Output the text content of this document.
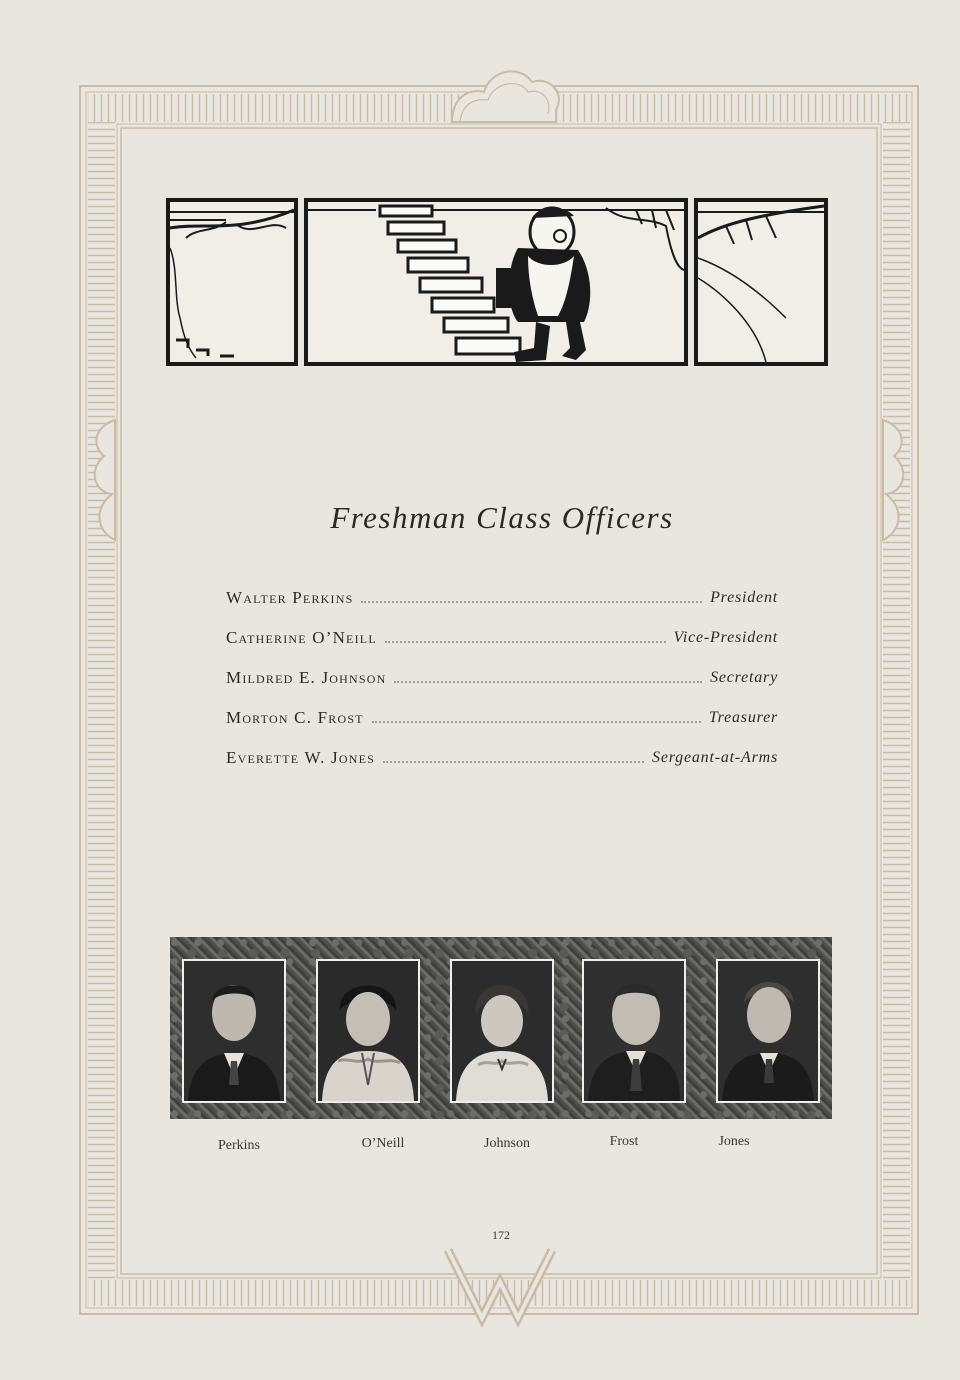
Freshman Class Officers
Walter Perkins	President
Catherine O’Neill	Vice-President
Mildred E. Johnson	Secretary
Morton C. Frost	Treasurer
Everette W. Jones	Sergeant-at-Arms
Perkins	O’Neill	Johnson	Frost	Jones
172
